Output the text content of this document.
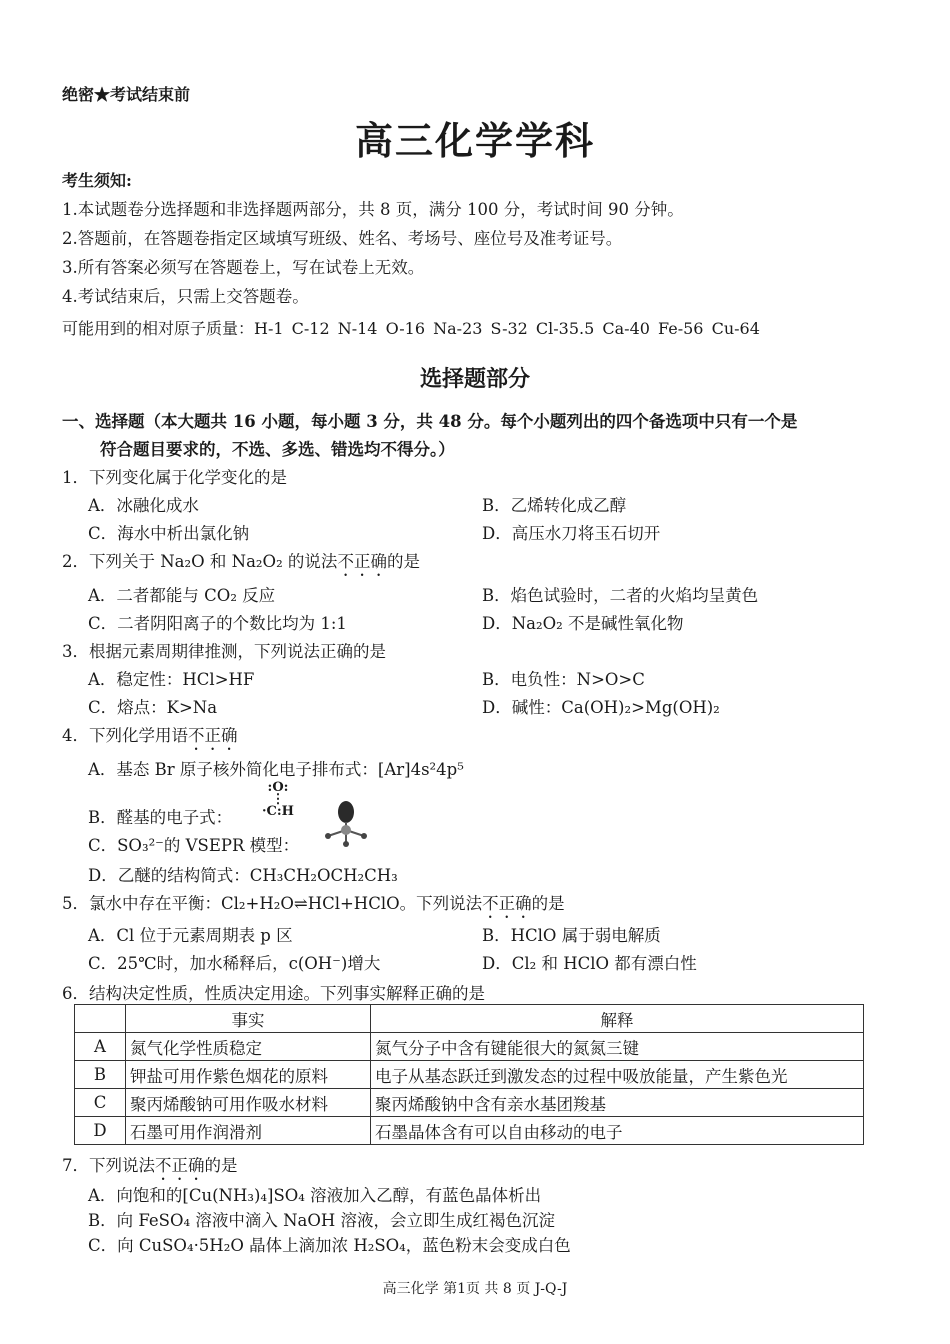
绝密★考试结束前
高三化学学科
考生须知:
1.本试题卷分选择题和非选择题两部分，共 8 页，满分 100 分，考试时间 90 分钟。
2.答题前，在答题卷指定区域填写班级、姓名、考场号、座位号及准考证号。
3.所有答案必须写在答题卷上，写在试卷上无效。
4.考试结束后，只需上交答题卷。
可能用到的相对原子质量：H-1 C-12 N-14 O-16 Na-23 S-32 Cl-35.5 Ca-40 Fe-56 Cu-64
选择题部分
一、选择题（本大题共 16 小题，每小题 3 分，共 48 分。每个小题列出的四个备选项中只有一个是
符合题目要求的，不选、多选、错选均不得分。）
1．下列变化属于化学变化的是
A．冰融化成水	B．乙烯转化成乙醇
C．海水中析出氯化钠	D．高压水刀将玉石切开
2．下列关于 Na₂O 和 Na₂O₂ 的说法不正确的是
A．二者都能与 CO₂ 反应	B．焰色试验时，二者的火焰均呈黄色
C．二者阴阳离子的个数比均为 1:1	D．Na₂O₂ 不是碱性氧化物
3．根据元素周期律推测，下列说法正确的是
A．稳定性：HCl>HF	B．电负性：N>O>C
C．熔点：K>Na	D．碱性：Ca(OH)₂>Mg(OH)₂
4．下列化学用语不正确
A．基态 Br 原子核外简化电子排布式：[Ar]4s²4p⁵
B．醛基的电子式：
:O:
⋮
·C:H
C．SO₃²⁻的 VSEPR 模型：
D．乙醚的结构简式：CH₃CH₂OCH₂CH₃
5．氯水中存在平衡：Cl₂+H₂O⇌HCl+HClO。下列说法不正确的是
A．Cl 位于元素周期表 p 区	B．HClO 属于弱电解质
C．25℃时，加水稀释后，c(OH⁻)增大	D．Cl₂ 和 HClO 都有漂白性
6．结构决定性质，性质决定用途。下列事实解释正确的是
	事实	解释
A	氮气化学性质稳定	氮气分子中含有键能很大的氮氮三键
B	钾盐可用作紫色烟花的原料	电子从基态跃迁到激发态的过程中吸放能量，产生紫色光
C	聚丙烯酸钠可用作吸水材料	聚丙烯酸钠中含有亲水基团羧基
D	石墨可用作润滑剂	石墨晶体含有可以自由移动的电子
7．下列说法不正确的是
A．向饱和的[Cu(NH₃)₄]SO₄ 溶液加入乙醇，有蓝色晶体析出
B．向 FeSO₄ 溶液中滴入 NaOH 溶液，会立即生成红褐色沉淀
C．向 CuSO₄·5H₂O 晶体上滴加浓 H₂SO₄，蓝色粉末会变成白色
高三化学 第1页 共 8 页 J-Q-J
